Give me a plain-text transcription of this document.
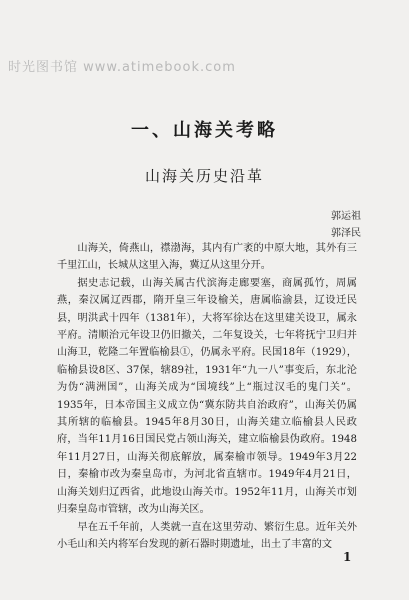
时光图书馆 www.atimebook.com
一、山海关考略
山海关历史沿革
郭运祖
郭泽民

山海关，倚燕山，襟渤海，其内有广袤的中原大地，其外有三千里江山，长城从这里入海，冀辽从这里分开。

据史志记载，山海关属古代滨海走廊要塞，商属孤竹，周属燕，秦汉属辽西郡，隋开皇三年设榆关，唐属临渝县，辽设迁民县，明洪武十四年（1381年），大将军徐达在这里建关设卫，属永平府。清顺治元年设卫仍旧撤关，二年复设关，七年将抚宁卫归并山海卫，乾隆二年置临榆县①，仍属永平府。民国18年（1929），临榆县设8区、37保，辖89社，1931年“九一八”事变后，东北沦为伪“满洲国”，山海关成为“国境线”上“瓶过汉毛的鬼门关”。1935年，日本帝国主义成立伪“冀东防共自治政府”，山海关仍属其所辖的临榆县。1945年8月30日，山海关建立临榆县人民政府，当年11月16日国民党占领山海关，建立临榆县伪政府。1948年11月27日，山海关彻底解放，属秦榆市领导。1949年3月22日，秦榆市改为秦皇岛市，为河北省直辖市。1949年4月21日，山海关划归辽西省，此地设山海关市。1952年11月，山海关市划归秦皇岛市管辖，改为山海关区。

早在五千年前，人类就一直在这里劳动、繁衍生息。近年关外小毛山和关内将军台发现的新石器时期遗址，出土了丰富的文

1
